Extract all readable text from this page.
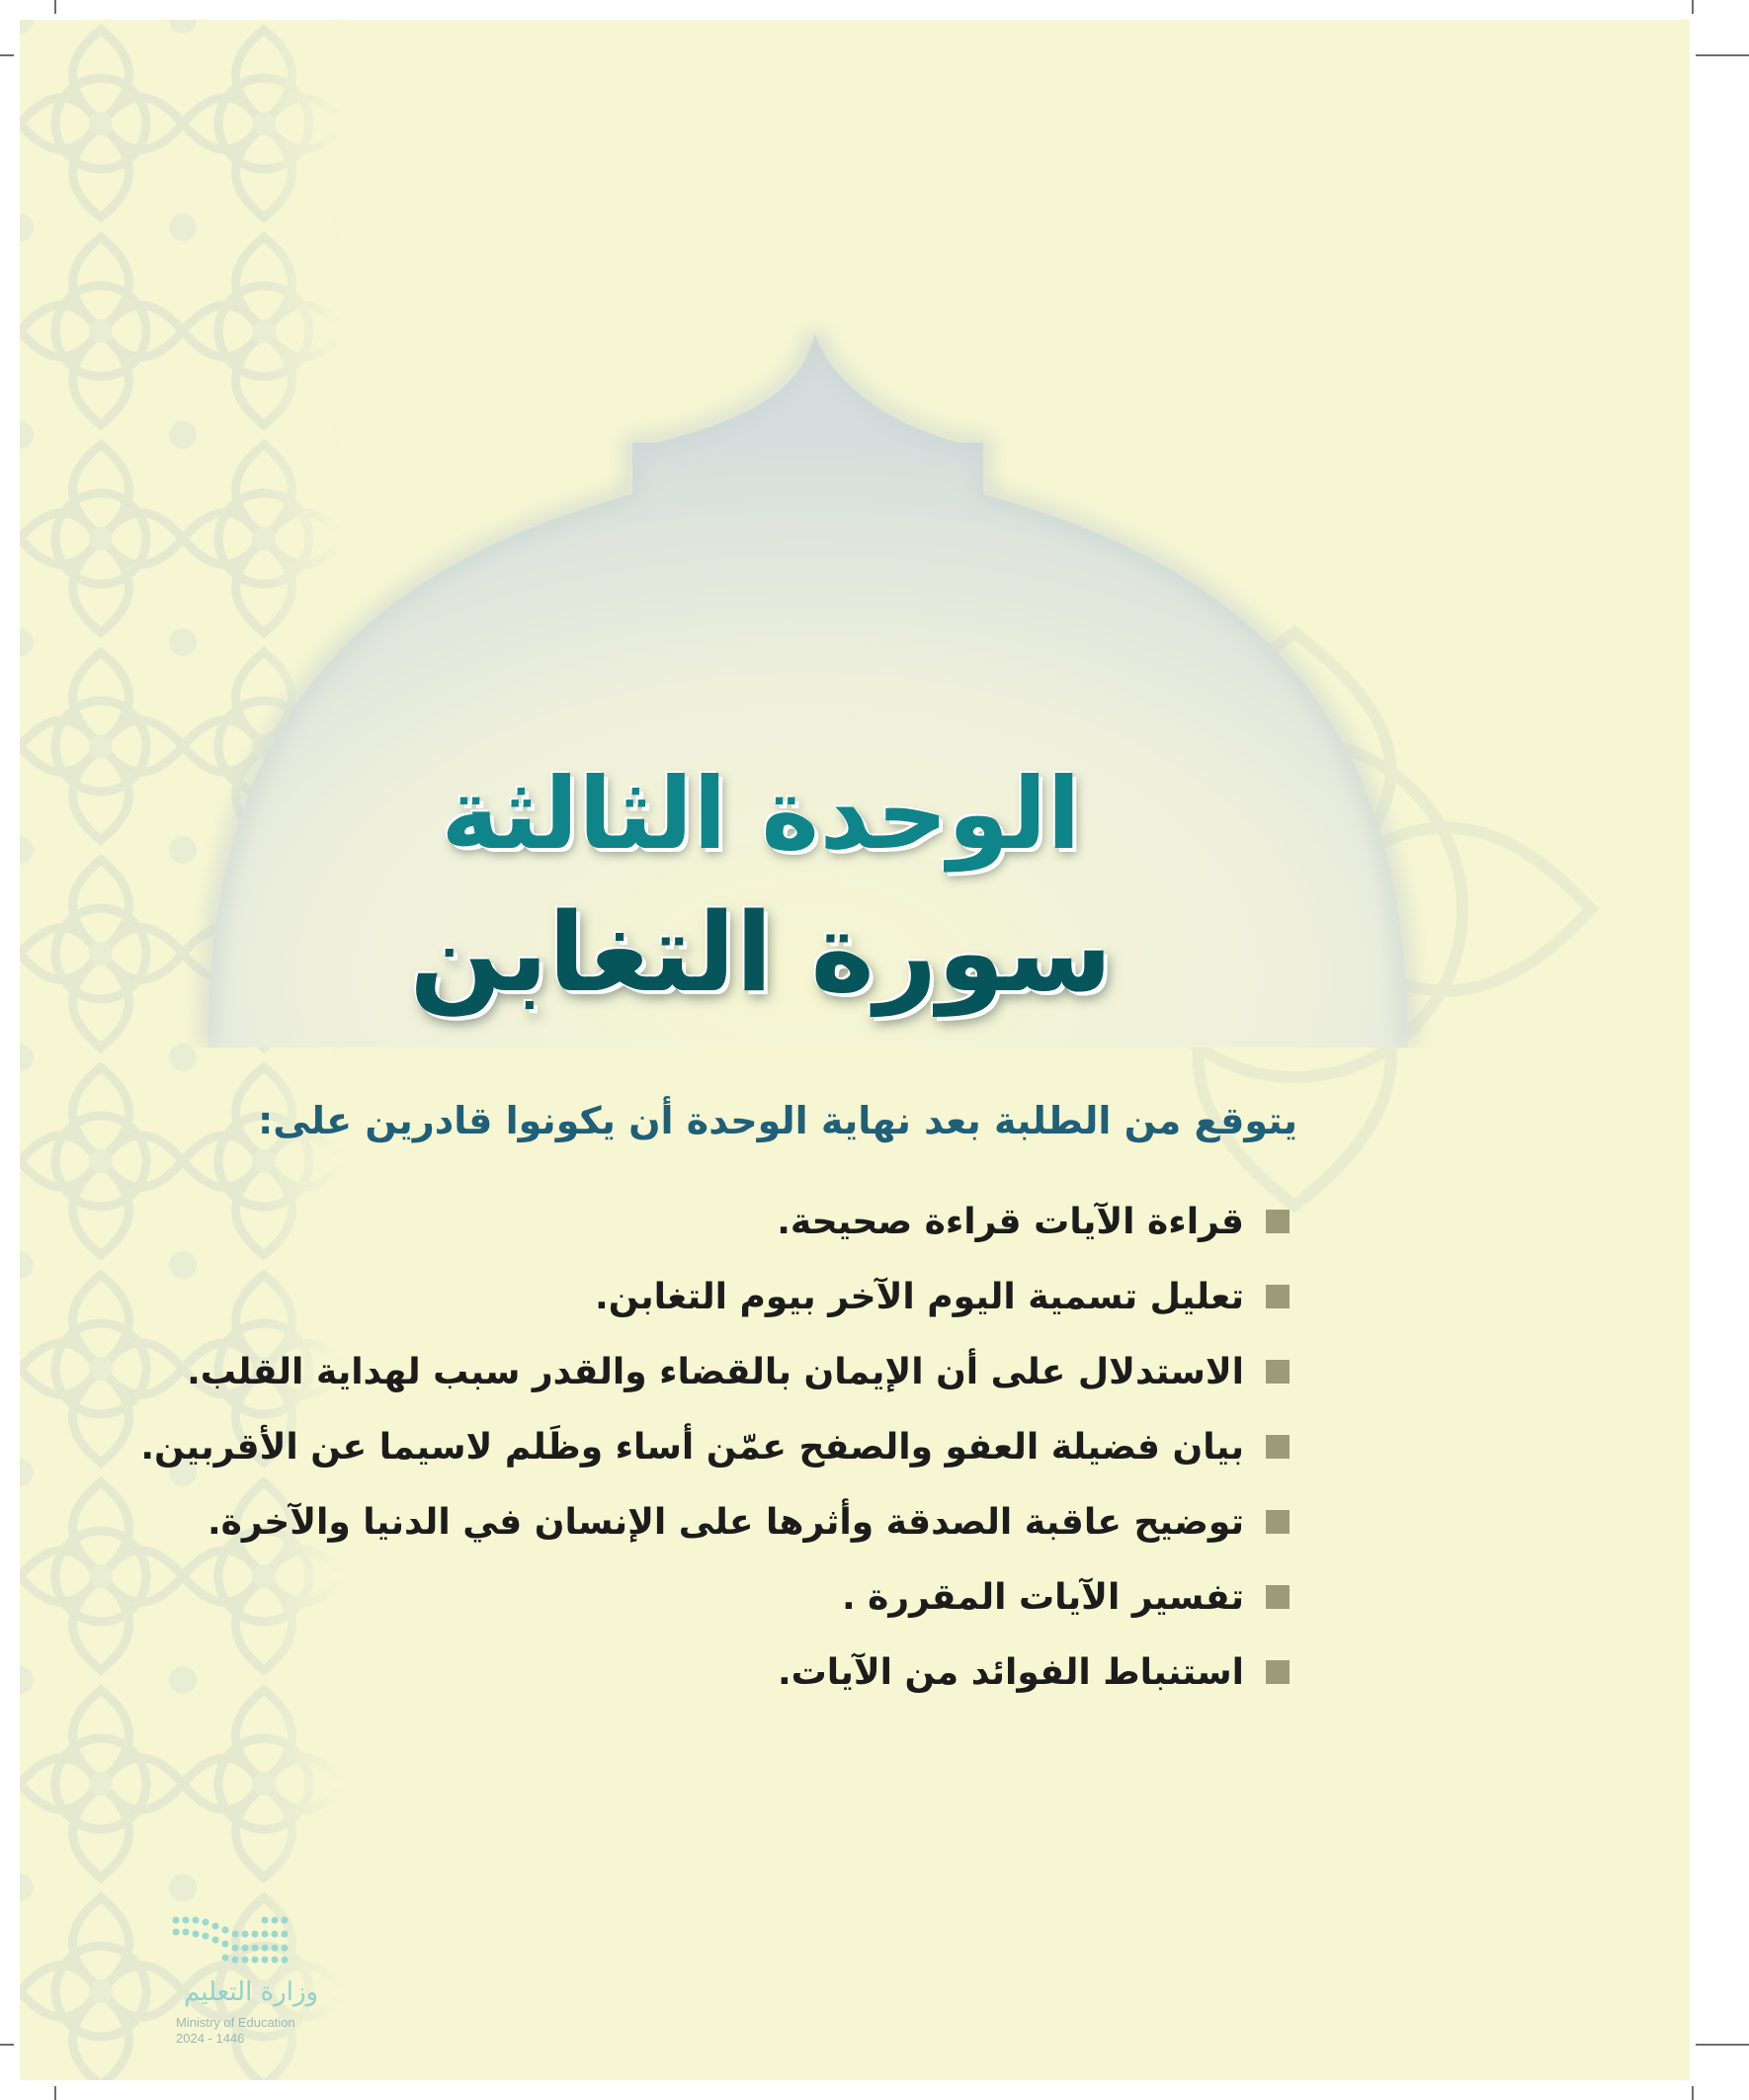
الوحدة الثالثة
سورة التغابن
يتوقع من الطلبة بعد نهاية الوحدة أن يكونوا قادرين على:
قراءة الآيات قراءة صحيحة.
تعليل تسمية اليوم الآخر بيوم التغابن.
الاستدلال على أن الإيمان بالقضاء والقدر سبب لهداية القلب.
بيان فضيلة العفو والصفح عمّن أساء وظَلم لاسيما عن الأقربين.
توضيح عاقبة الصدقة وأثرها على الإنسان في الدنيا والآخرة.
تفسير الآيات المقررة .
استنباط الفوائد من الآيات.
وزارة التعليم
Ministry of Education
2024 - 1446
